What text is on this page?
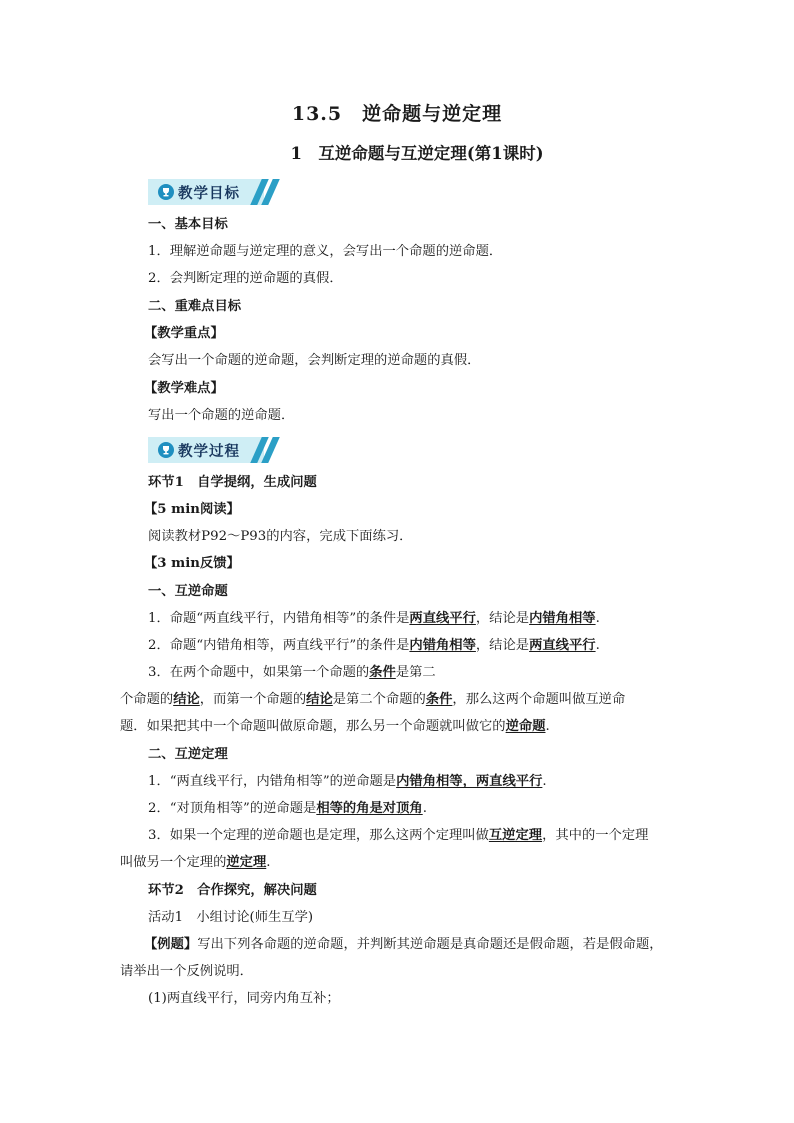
13.5　逆命题与逆定理
1　互逆命题与互逆定理(第1课时)
教学目标
一、基本目标
1．理解逆命题与逆定理的意义，会写出一个命题的逆命题．
2．会判断定理的逆命题的真假．
二、重难点目标
【教学重点】
会写出一个命题的逆命题，会判断定理的逆命题的真假．
【教学难点】
写出一个命题的逆命题．
教学过程
环节1　自学提纲，生成问题
【5 min阅读】
阅读教材P92～P93的内容，完成下面练习．
【3 min反馈】
一、互逆命题
1．命题“两直线平行，内错角相等”的条件是两直线平行，结论是内错角相等.
2．命题“内错角相等，两直线平行”的条件是内错角相等，结论是两直线平行.
3．在两个命题中，如果第一个命题的条件是第二
个命题的结论，而第一个命题的结论是第二个命题的条件，那么这两个命题叫做互逆命
题．如果把其中一个命题叫做原命题，那么另一个命题就叫做它的逆命题.
二、互逆定理
1．“两直线平行，内错角相等”的逆命题是内错角相等，两直线平行.
2．“对顶角相等”的逆命题是相等的角是对顶角.
3．如果一个定理的逆命题也是定理，那么这两个定理叫做互逆定理，其中的一个定理
叫做另一个定理的逆定理.
环节2　合作探究，解决问题
活动1　小组讨论(师生互学)
【例题】写出下列各命题的逆命题，并判断其逆命题是真命题还是假命题，若是假命题，
请举出一个反例说明．
(1)两直线平行，同旁内角互补；
